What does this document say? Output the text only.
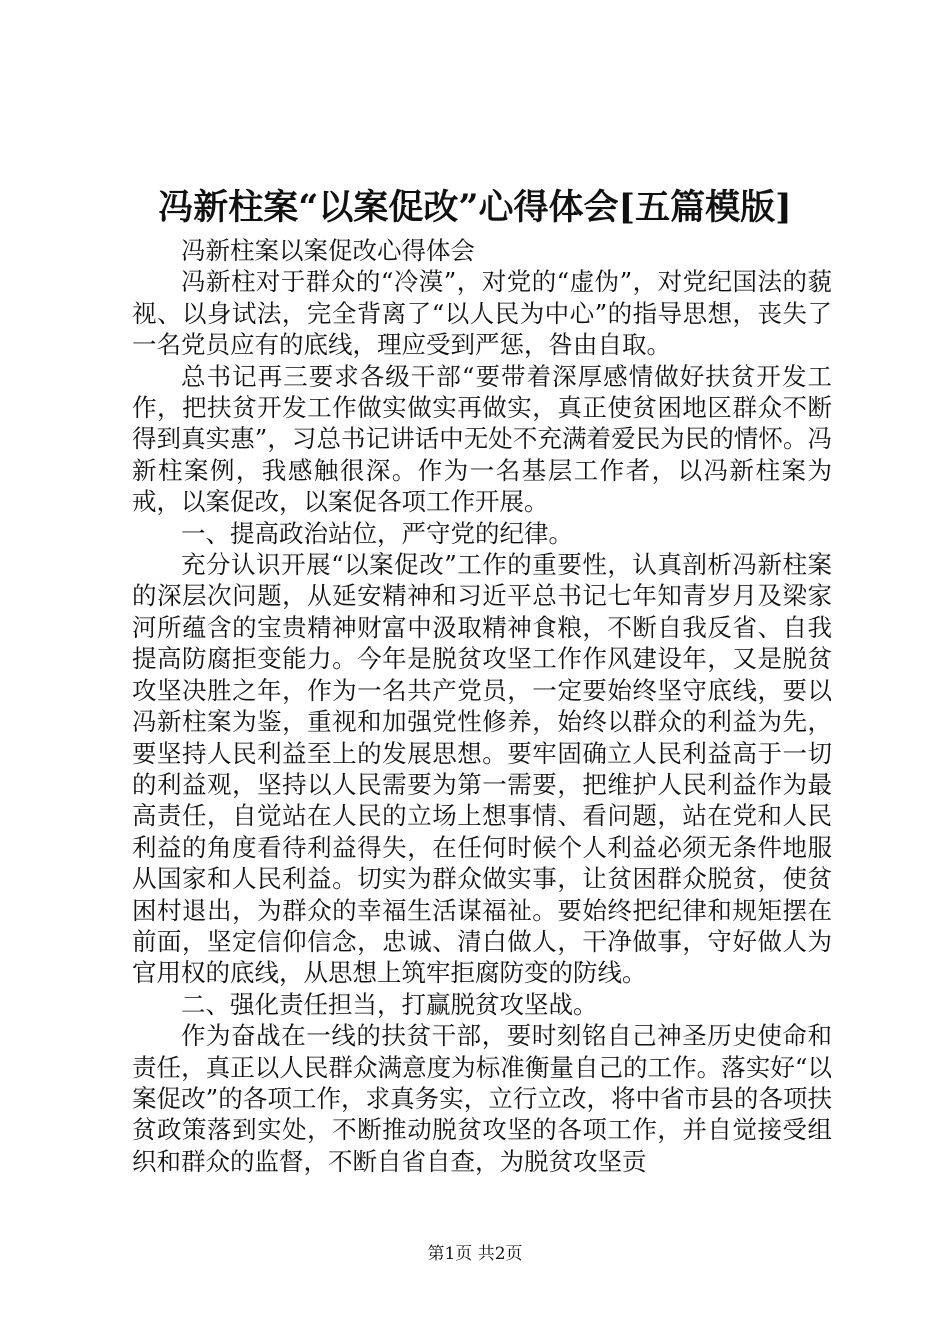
冯新柱案“以案促改”心得体会[五篇模版]

冯新柱案以案促改心得体会

冯新柱对于群众的“冷漠”，对党的“虚伪”，对党纪国法的藐视、以身试法，完全背离了“以人民为中心”的指导思想，丧失了一名党员应有的底线，理应受到严惩，咎由自取。

总书记再三要求各级干部“要带着深厚感情做好扶贫开发工作，把扶贫开发工作做实做实再做实，真正使贫困地区群众不断得到真实惠”，习总书记讲话中无处不充满着爱民为民的情怀。冯新柱案例，我感触很深。作为一名基层工作者，以冯新柱案为戒，以案促改，以案促各项工作开展。

一、提高政治站位，严守党的纪律。

充分认识开展“以案促改”工作的重要性，认真剖析冯新柱案的深层次问题，从延安精神和习近平总书记七年知青岁月及梁家河所蕴含的宝贵精神财富中汲取精神食粮，不断自我反省、自我提高防腐拒变能力。今年是脱贫攻坚工作作风建设年，又是脱贫攻坚决胜之年，作为一名共产党员，一定要始终坚守底线，要以冯新柱案为鉴，重视和加强党性修养，始终以群众的利益为先，要坚持人民利益至上的发展思想。要牢固确立人民利益高于一切的利益观，坚持以人民需要为第一需要，把维护人民利益作为最高责任，自觉站在人民的立场上想事情、看问题，站在党和人民利益的角度看待利益得失，在任何时候个人利益必须无条件地服从国家和人民利益。切实为群众做实事，让贫困群众脱贫，使贫困村退出，为群众的幸福生活谋福祉。要始终把纪律和规矩摆在前面，坚定信仰信念，忠诚、清白做人，干净做事，守好做人为官用权的底线，从思想上筑牢拒腐防变的防线。

二、强化责任担当，打赢脱贫攻坚战。

作为奋战在一线的扶贫干部，要时刻铭自己神圣历史使命和责任，真正以人民群众满意度为标准衡量自己的工作。落实好“以案促改”的各项工作，求真务实，立行立改，将中省市县的各项扶贫政策落到实处，不断推动脱贫攻坚的各项工作，并自觉接受组织和群众的监督，不断自省自查，为脱贫攻坚贡

第1页 共2页
